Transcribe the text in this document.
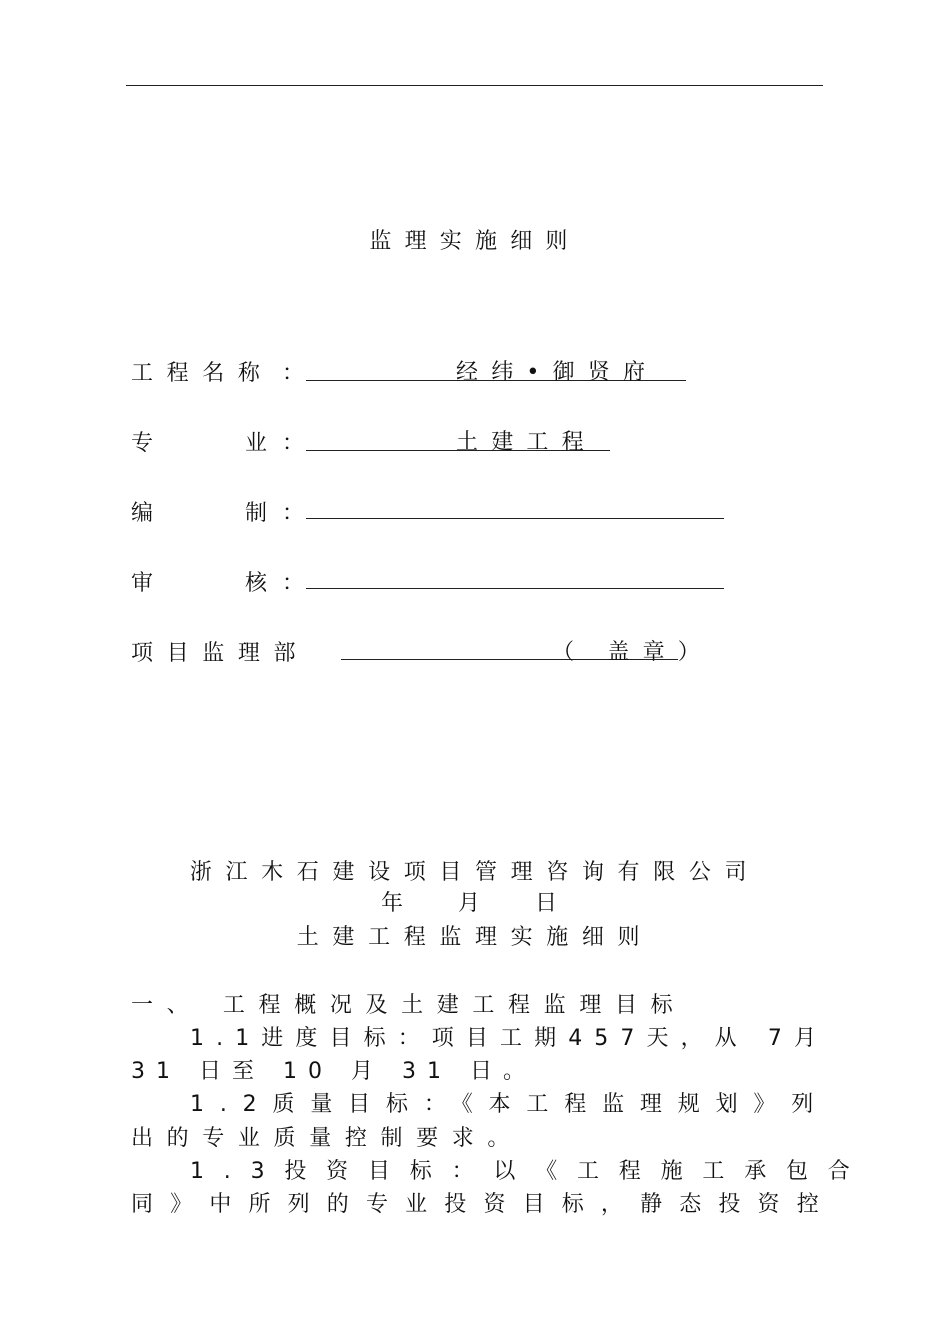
监理实施细则
工程名称 ：	经纬•御贤府
专	业 ：	土建工程
编	制 ：
审	核 ：
项目监理部	（ 盖章）
浙江木石建设项目管理咨询有限公司
年 月 日
土建工程监理实施细则
一、 工程概况及土建工程监理目标
1.1进度目标：项目工期457天，从 7月
31 日至 10 月 31 日。
1.2质量目标：《本工程监理规划》列
出的专业质量控制要求。
1.3投资目标：以《工程施工承包合
同》中所列的专业投资目标，静态投资控
